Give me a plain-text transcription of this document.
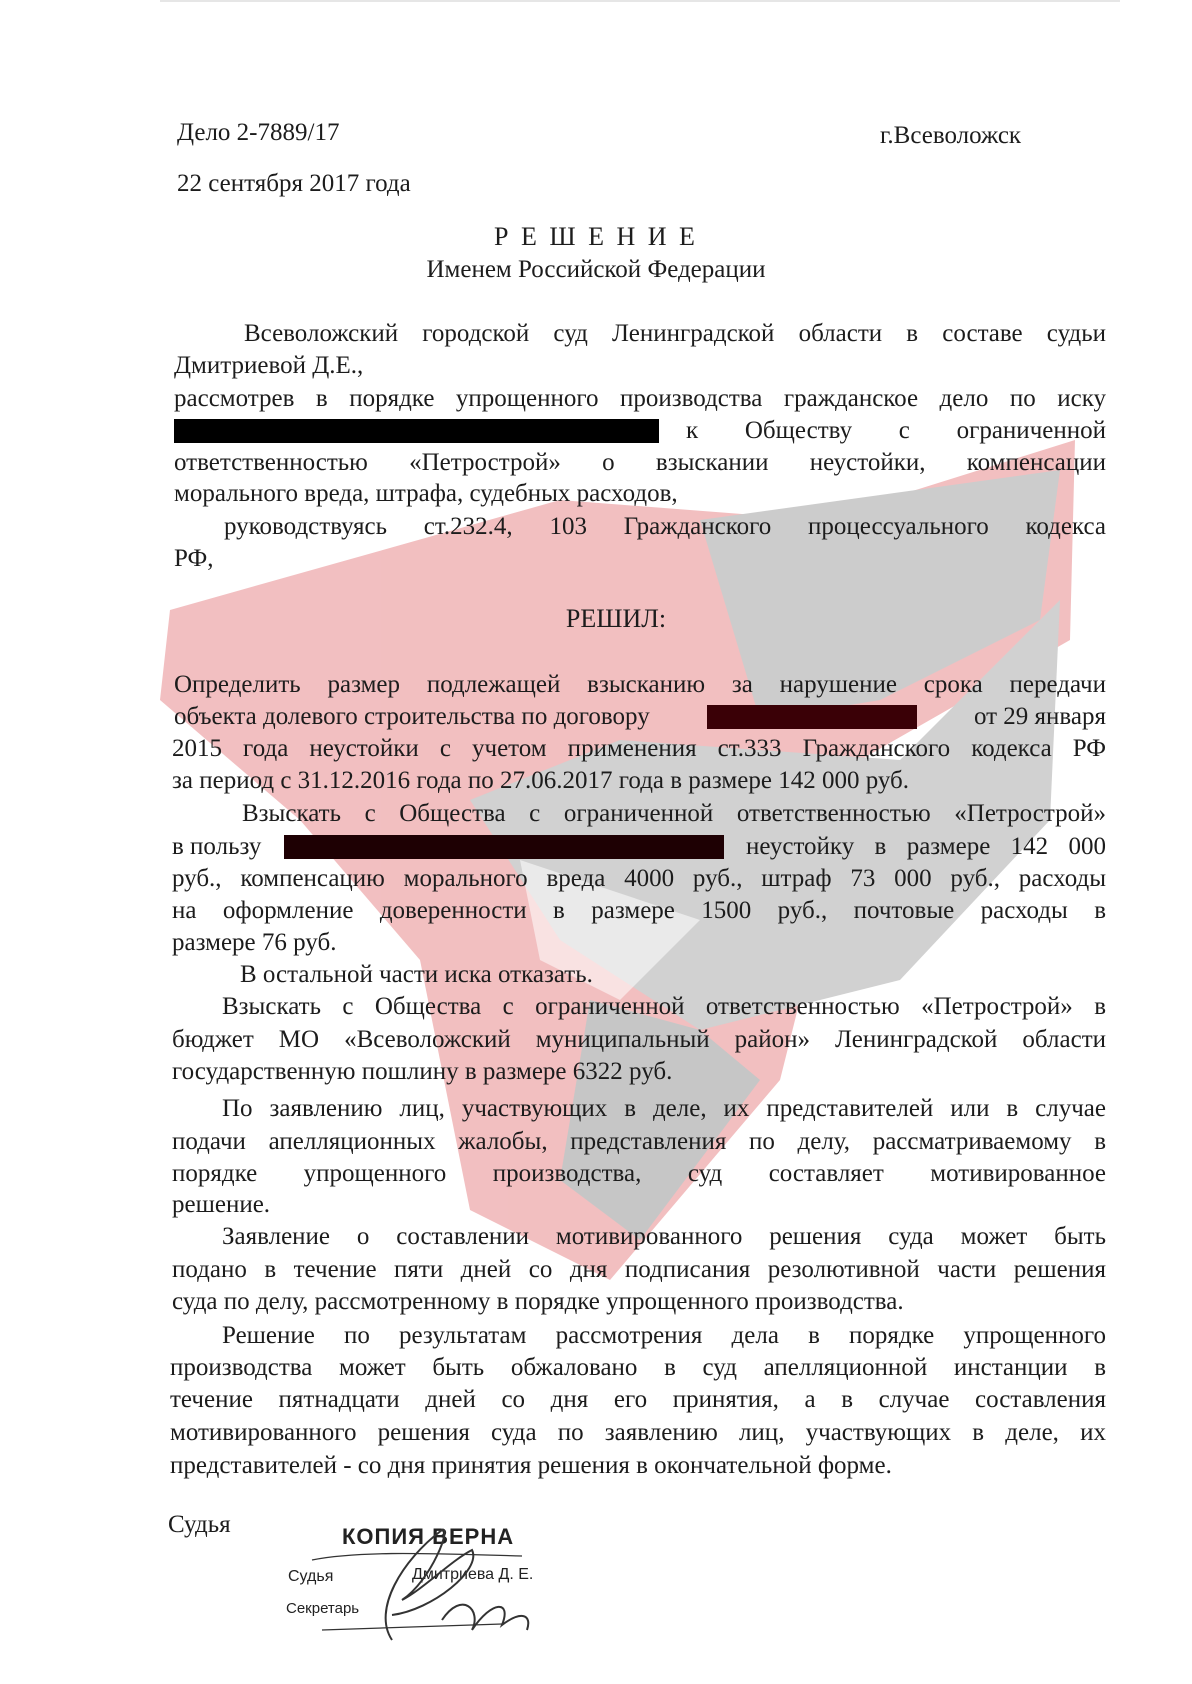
Дело 2-7889/17	г.Всеволожск
22 сентября 2017 года
Р Е Ш Е Н И Е
Именем Российской Федерации
Всеволожский городской суд Ленинградской области в составе судьи
Дмитриевой Д.Е.,
рассмотрев в порядке упрощенного производства гражданское дело по иску
к Обществу с ограниченной
ответственностью «Петрострой» о взыскании неустойки, компенсации
морального вреда, штрафа, судебных расходов,
руководствуясь ст.232.4, 103 Гражданского процессуального кодекса
РФ,
РЕШИЛ:
Определить размер подлежащей взысканию за нарушение срока передачи
объекта долевого строительства по договору	от 29 января
2015 года неустойки с учетом применения ст.333 Гражданского кодекса РФ
за период с 31.12.2016 года по 27.06.2017 года в размере 142 000 руб.
Взыскать с Общества с ограниченной ответственностью «Петрострой»
в пользу	неустойку в размере 142 000
руб., компенсацию морального вреда 4000 руб., штраф 73 000 руб., расходы
на оформление доверенности в размере 1500 руб., почтовые расходы в
размере 76 руб.
В остальной части иска отказать.
Взыскать с Общества с ограниченной ответственностью «Петрострой» в
бюджет МО «Всеволожский муниципальный район» Ленинградской области
государственную пошлину в размере 6322 руб.
По заявлению лиц, участвующих в деле, их представителей или в случае
подачи апелляционных жалобы, представления по делу, рассматриваемому в
порядке упрощенного производства, суд составляет мотивированное
решение.
Заявление о составлении мотивированного решения суда может быть
подано в течение пяти дней со дня подписания резолютивной части решения
суда по делу, рассмотренному в порядке упрощенного производства.
Решение по результатам рассмотрения дела в порядке упрощенного
производства может быть обжаловано в суд апелляционной инстанции в
течение пятнадцати дней со дня его принятия, а в случае составления
мотивированного решения суда по заявлению лиц, участвующих в деле, их
представителей - со дня принятия решения в окончательной форме.
Судья	КОПИЯ ВЕРНА
Судья	Дмитриева Д. Е.
Секретарь
